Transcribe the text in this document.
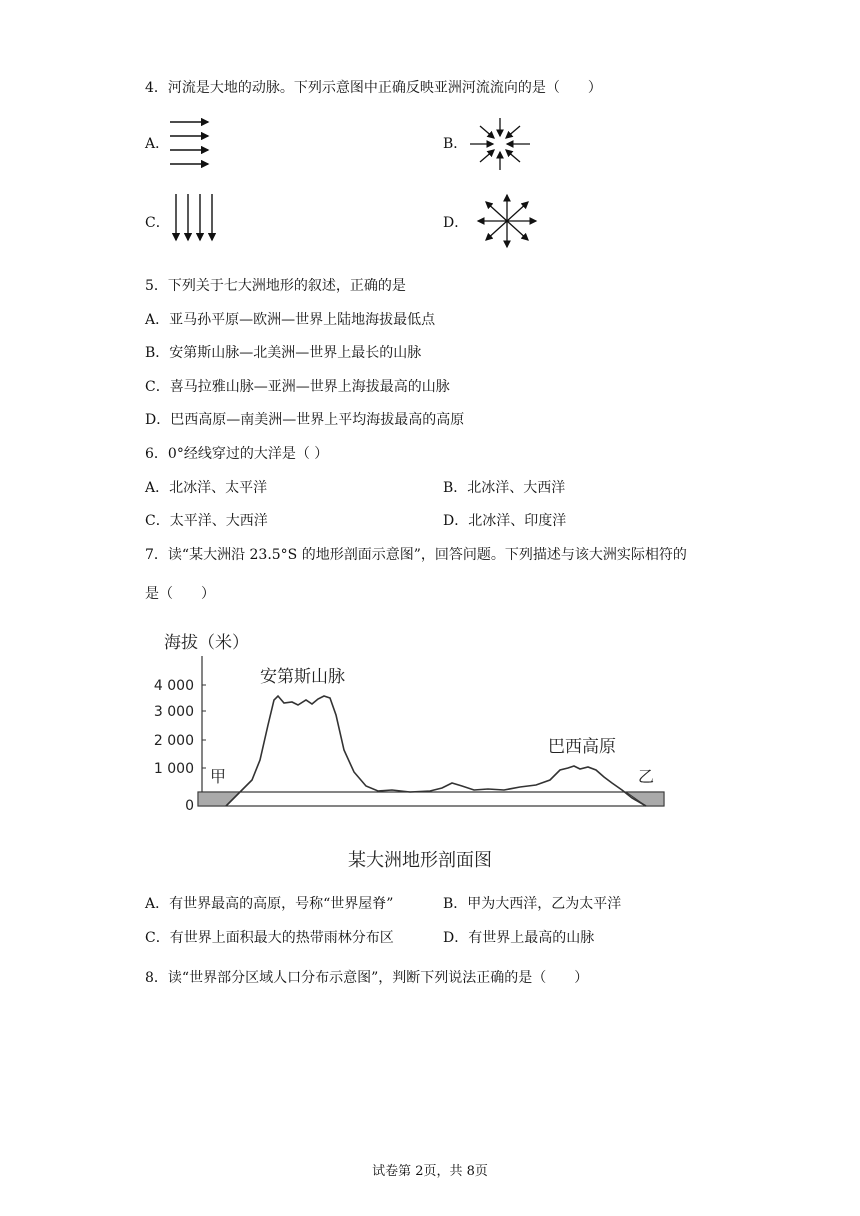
4．河流是大地的动脉。下列示意图中正确反映亚洲河流流向的是（　　）
A．	B．
C．	D．
5．下列关于七大洲地形的叙述，正确的是
A．亚马孙平原—欧洲—世界上陆地海拔最低点
B．安第斯山脉—北美洲—世界上最长的山脉
C．喜马拉雅山脉—亚洲—世界上海拔最高的山脉
D．巴西高原—南美洲—世界上平均海拔最高的高原
6．0°经线穿过的大洋是（ ）
A．北冰洋、太平洋	B．北冰洋、大西洋
C．太平洋、大西洋	D．北冰洋、印度洋
7．读“某大洲沿 23.5°S 的地形剖面示意图”，回答问题。下列描述与该大洲实际相符的
是（　　）
海拔（米）
0
1 000
2 000
3 000
4 000	安第斯山脉
巴西高原
甲	乙
某大洲地形剖面图
A．有世界最高的高原，号称“世界屋脊”	B．甲为大西洋，乙为太平洋
C．有世界上面积最大的热带雨林分布区	D．有世界上最高的山脉
8．读“世界部分区域人口分布示意图”，判断下列说法正确的是（　　）
试卷第 2页，共 8页
